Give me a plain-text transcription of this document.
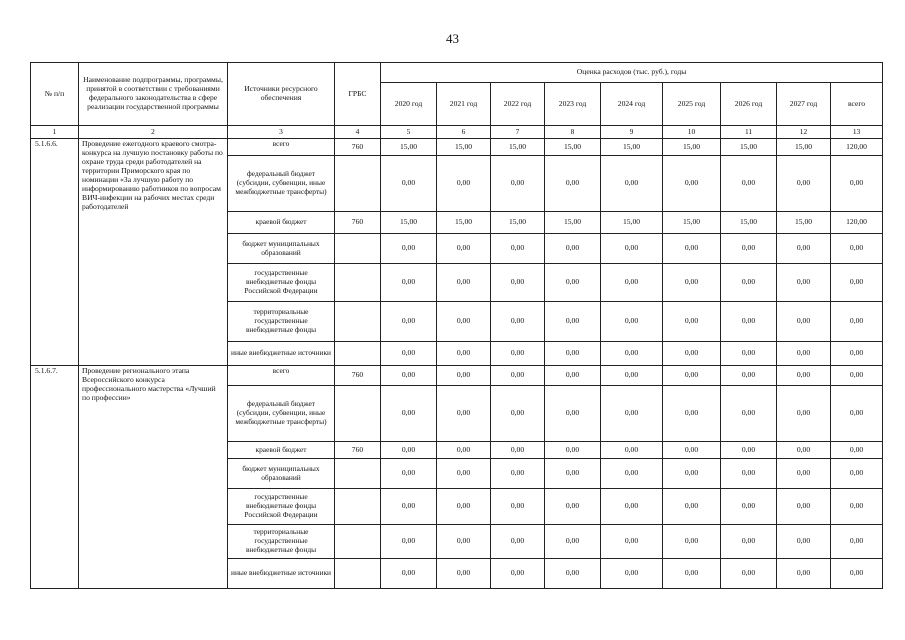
43
№ п/п	Наименование подпрограммы, программы, принятой в соответствии с требованиями федерального законодательства в сфере реализации государственной программы	Источники ресурсного обеспечения	ГРБС	Оценка расходов (тыс. руб.), годы								
				2020 год	2021 год	2022 год	2023 год	2024 год	2025 год	2026 год	2027 год	всего
1	2	3	4	5	6	7	8	9	10	11	12	13
5.1.6.6.	Проведение ежегодного краевого смотра-конкурса на лучшую постановку работы по охране труда среди работодателей на территории Приморского края по номинации «За лучшую работу по информированию работников по вопросам ВИЧ-инфекции на рабочих местах среди работодателей	всего	760	15,00	15,00	15,00	15,00	15,00	15,00	15,00	15,00	120,00
		федеральный бюджет (субсидии, субвенции, иные межбюджетные трансферты)		0,00	0,00	0,00	0,00	0,00	0,00	0,00	0,00	0,00
		краевой бюджет	760	15,00	15,00	15,00	15,00	15,00	15,00	15,00	15,00	120,00
		бюджет муниципальных образований		0,00	0,00	0,00	0,00	0,00	0,00	0,00	0,00	0,00
		государственные внебюджетные фонды Российской Федерации		0,00	0,00	0,00	0,00	0,00	0,00	0,00	0,00	0,00
		территориальные государственные внебюджетные фонды		0,00	0,00	0,00	0,00	0,00	0,00	0,00	0,00	0,00
		иные внебюджетные источники		0,00	0,00	0,00	0,00	0,00	0,00	0,00	0,00	0,00
5.1.6.7.	Проведение регионального этапа Всероссийского конкурса профессионального мастерства «Лучший по профессии»	всего	760	0,00	0,00	0,00	0,00	0,00	0,00	0,00	0,00	0,00
		федеральный бюджет (субсидии, субвенции, иные межбюджетные трансферты)		0,00	0,00	0,00	0,00	0,00	0,00	0,00	0,00	0,00
		краевой бюджет	760	0,00	0,00	0,00	0,00	0,00	0,00	0,00	0,00	0,00
		бюджет муниципальных образований		0,00	0,00	0,00	0,00	0,00	0,00	0,00	0,00	0,00
		государственные внебюджетные фонды Российской Федерации		0,00	0,00	0,00	0,00	0,00	0,00	0,00	0,00	0,00
		территориальные государственные внебюджетные фонды		0,00	0,00	0,00	0,00	0,00	0,00	0,00	0,00	0,00
		иные внебюджетные источники		0,00	0,00	0,00	0,00	0,00	0,00	0,00	0,00	0,00
